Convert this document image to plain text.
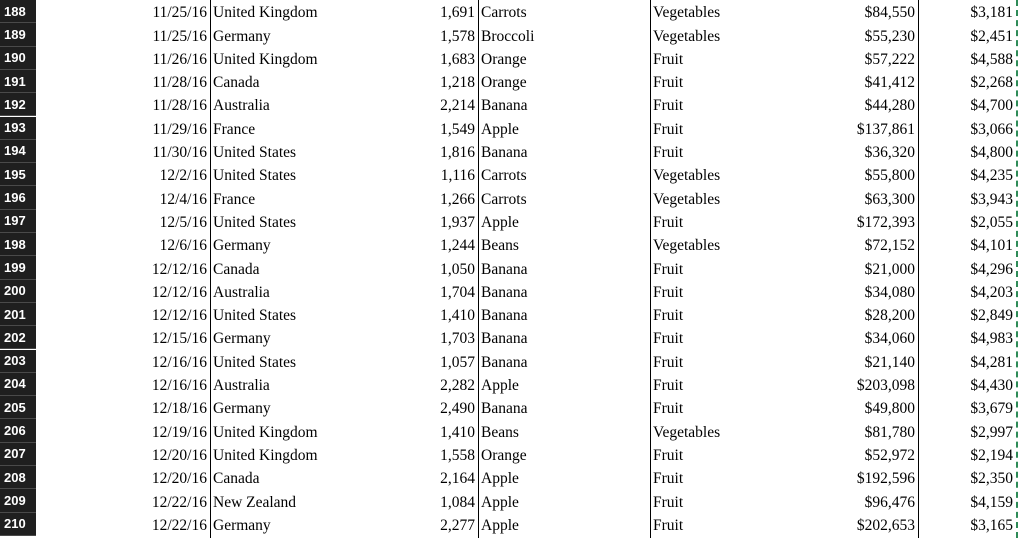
188	11/25/16 United Kingdom	1,691 Carrots	Vegetables	$84,550	$3,181
189	11/25/16 Germany	1,578 Broccoli	Vegetables	$55,230	$2,451
190	11/26/16 United Kingdom	1,683 Orange	Fruit	$57,222	$4,588
191	11/28/16 Canada	1,218 Orange	Fruit	$41,412	$2,268
192	11/28/16 Australia	2,214 Banana	Fruit	$44,280	$4,700
193	11/29/16 France	1,549 Apple	Fruit	$137,861	$3,066
194	11/30/16 United States	1,816 Banana	Fruit	$36,320	$4,800
195	12/2/16 United States	1,116 Carrots	Vegetables	$55,800	$4,235
196	12/4/16 France	1,266 Carrots	Vegetables	$63,300	$3,943
197	12/5/16 United States	1,937 Apple	Fruit	$172,393	$2,055
198	12/6/16 Germany	1,244 Beans	Vegetables	$72,152	$4,101
199	12/12/16 Canada	1,050 Banana	Fruit	$21,000	$4,296
200	12/12/16 Australia	1,704 Banana	Fruit	$34,080	$4,203
201	12/12/16 United States	1,410 Banana	Fruit	$28,200	$2,849
202	12/15/16 Germany	1,703 Banana	Fruit	$34,060	$4,983
203	12/16/16 United States	1,057 Banana	Fruit	$21,140	$4,281
204	12/16/16 Australia	2,282 Apple	Fruit	$203,098	$4,430
205	12/18/16 Germany	2,490 Banana	Fruit	$49,800	$3,679
206	12/19/16 United Kingdom	1,410 Beans	Vegetables	$81,780	$2,997
207	12/20/16 United Kingdom	1,558 Orange	Fruit	$52,972	$2,194
208	12/20/16 Canada	2,164 Apple	Fruit	$192,596	$2,350
209	12/22/16 New Zealand	1,084 Apple	Fruit	$96,476	$4,159
210	12/22/16 Germany	2,277 Apple	Fruit	$202,653	$3,165
